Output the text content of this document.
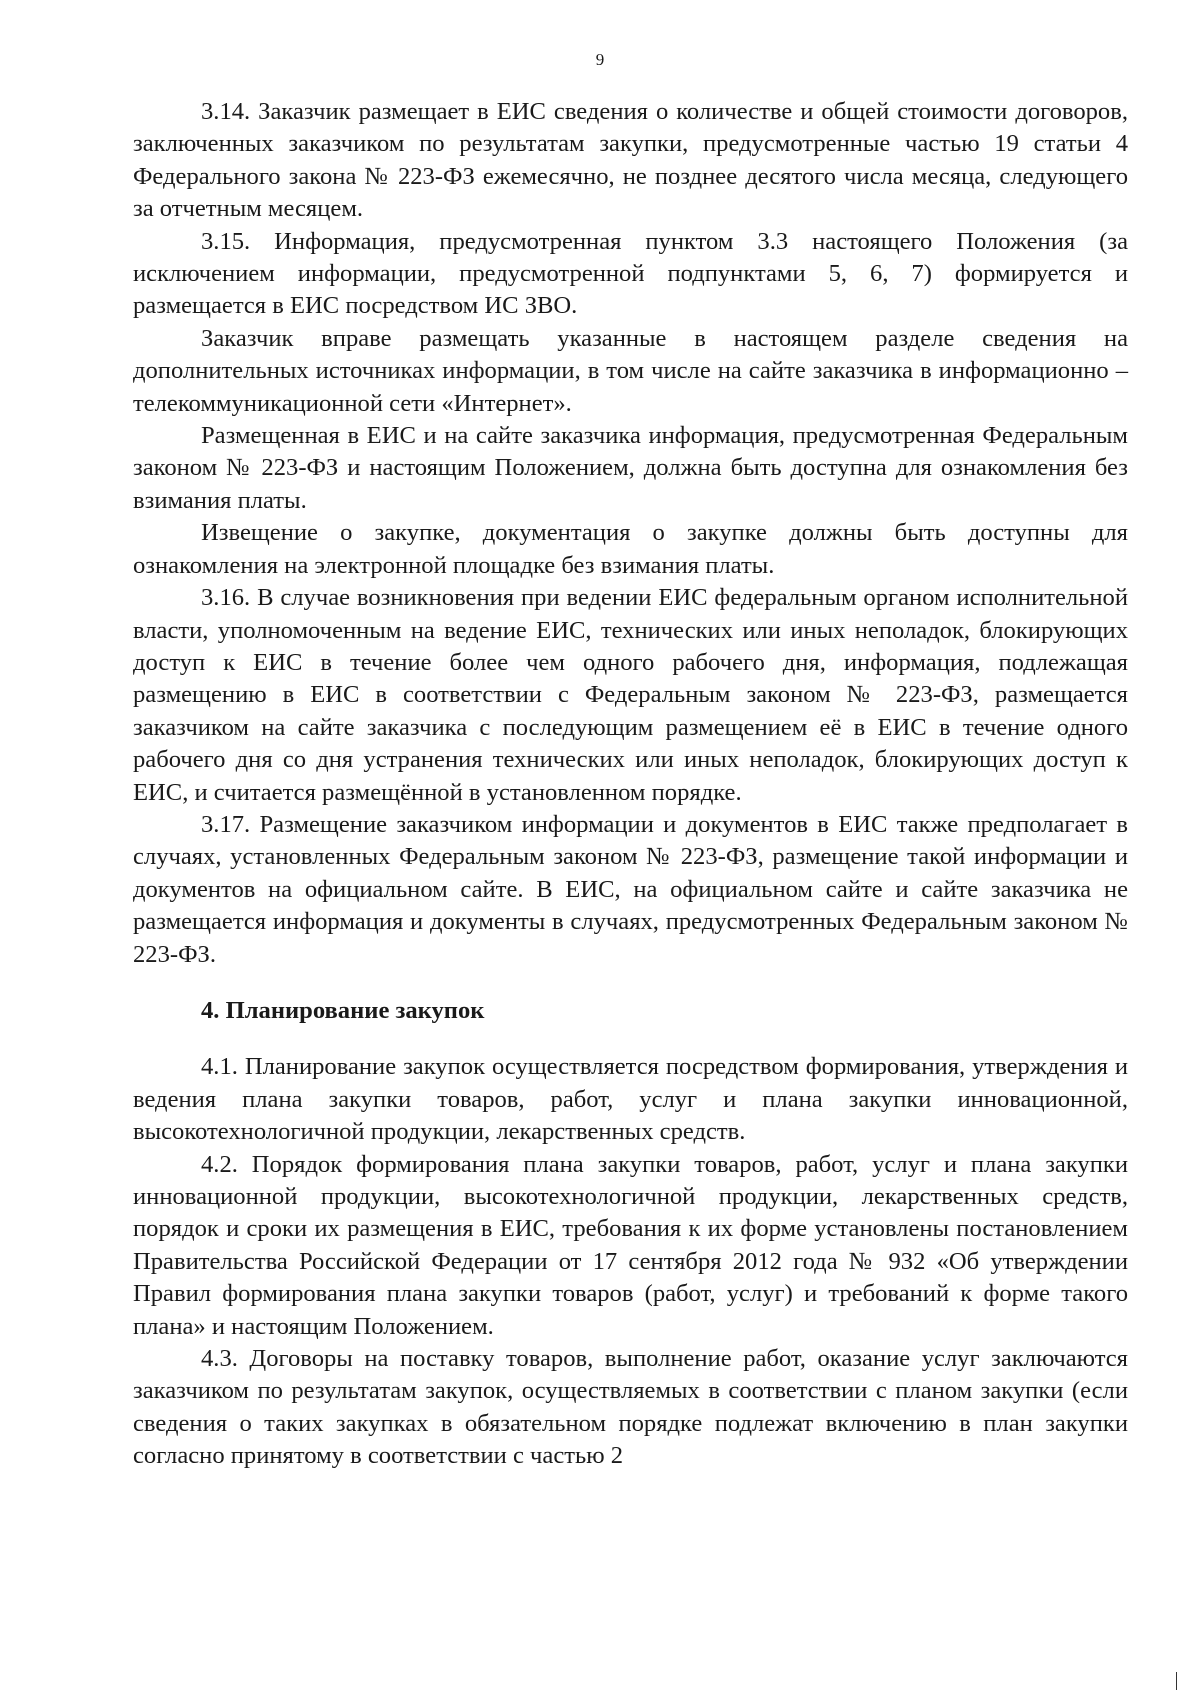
9

3.14. Заказчик размещает в ЕИС сведения о количестве и общей стоимости договоров, заключенных заказчиком по результатам закупки, предусмотренные частью 19 статьи 4 Федерального закона № 223-ФЗ ежемесячно, не позднее десятого числа месяца, следующего за отчетным месяцем.

3.15. Информация, предусмотренная пунктом 3.3 настоящего Положения (за исключением информации, предусмотренной подпунктами 5, 6, 7) формируется и размещается в ЕИС посредством ИС ЗВО.

Заказчик вправе размещать указанные в настоящем разделе сведения на дополнительных источниках информации, в том числе на сайте заказчика в информационно – телекоммуникационной сети «Интернет».

Размещенная в ЕИС и на сайте заказчика информация, предусмотренная Федеральным законом № 223-ФЗ и настоящим Положением, должна быть доступна для ознакомления без взимания платы.

Извещение о закупке, документация о закупке должны быть доступны для ознакомления на электронной площадке без взимания платы.

3.16. В случае возникновения при ведении ЕИС федеральным органом исполнительной власти, уполномоченным на ведение ЕИС, технических или иных неполадок, блокирующих доступ к ЕИС в течение более чем одного рабочего дня, информация, подлежащая размещению в ЕИС в соответствии с Федеральным законом № 223-ФЗ, размещается заказчиком на сайте заказчика с последующим размещением её в ЕИС в течение одного рабочего дня со дня устранения технических или иных неполадок, блокирующих доступ к ЕИС, и считается размещённой в установленном порядке.

3.17. Размещение заказчиком информации и документов в ЕИС также предполагает в случаях, установленных Федеральным законом № 223-ФЗ, размещение такой информации и документов на официальном сайте. В ЕИС, на официальном сайте и сайте заказчика не размещается информация и документы в случаях, предусмотренных Федеральным законом № 223-ФЗ.

4. Планирование закупок

4.1. Планирование закупок осуществляется посредством формирования, утверждения и ведения плана закупки товаров, работ, услуг и плана закупки инновационной, высокотехнологичной продукции, лекарственных средств.

4.2. Порядок формирования плана закупки товаров, работ, услуг и плана закупки инновационной продукции, высокотехнологичной продукции, лекарственных средств, порядок и сроки их размещения в ЕИС, требования к их форме установлены постановлением Правительства Российской Федерации от 17 сентября 2012 года № 932 «Об утверждении Правил формирования плана закупки товаров (работ, услуг) и требований к форме такого плана» и настоящим Положением.

4.3. Договоры на поставку товаров, выполнение работ, оказание услуг заключаются заказчиком по результатам закупок, осуществляемых в соответствии с планом закупки (если сведения о таких закупках в обязательном порядке подлежат включению в план закупки согласно принятому в соответствии с частью 2
